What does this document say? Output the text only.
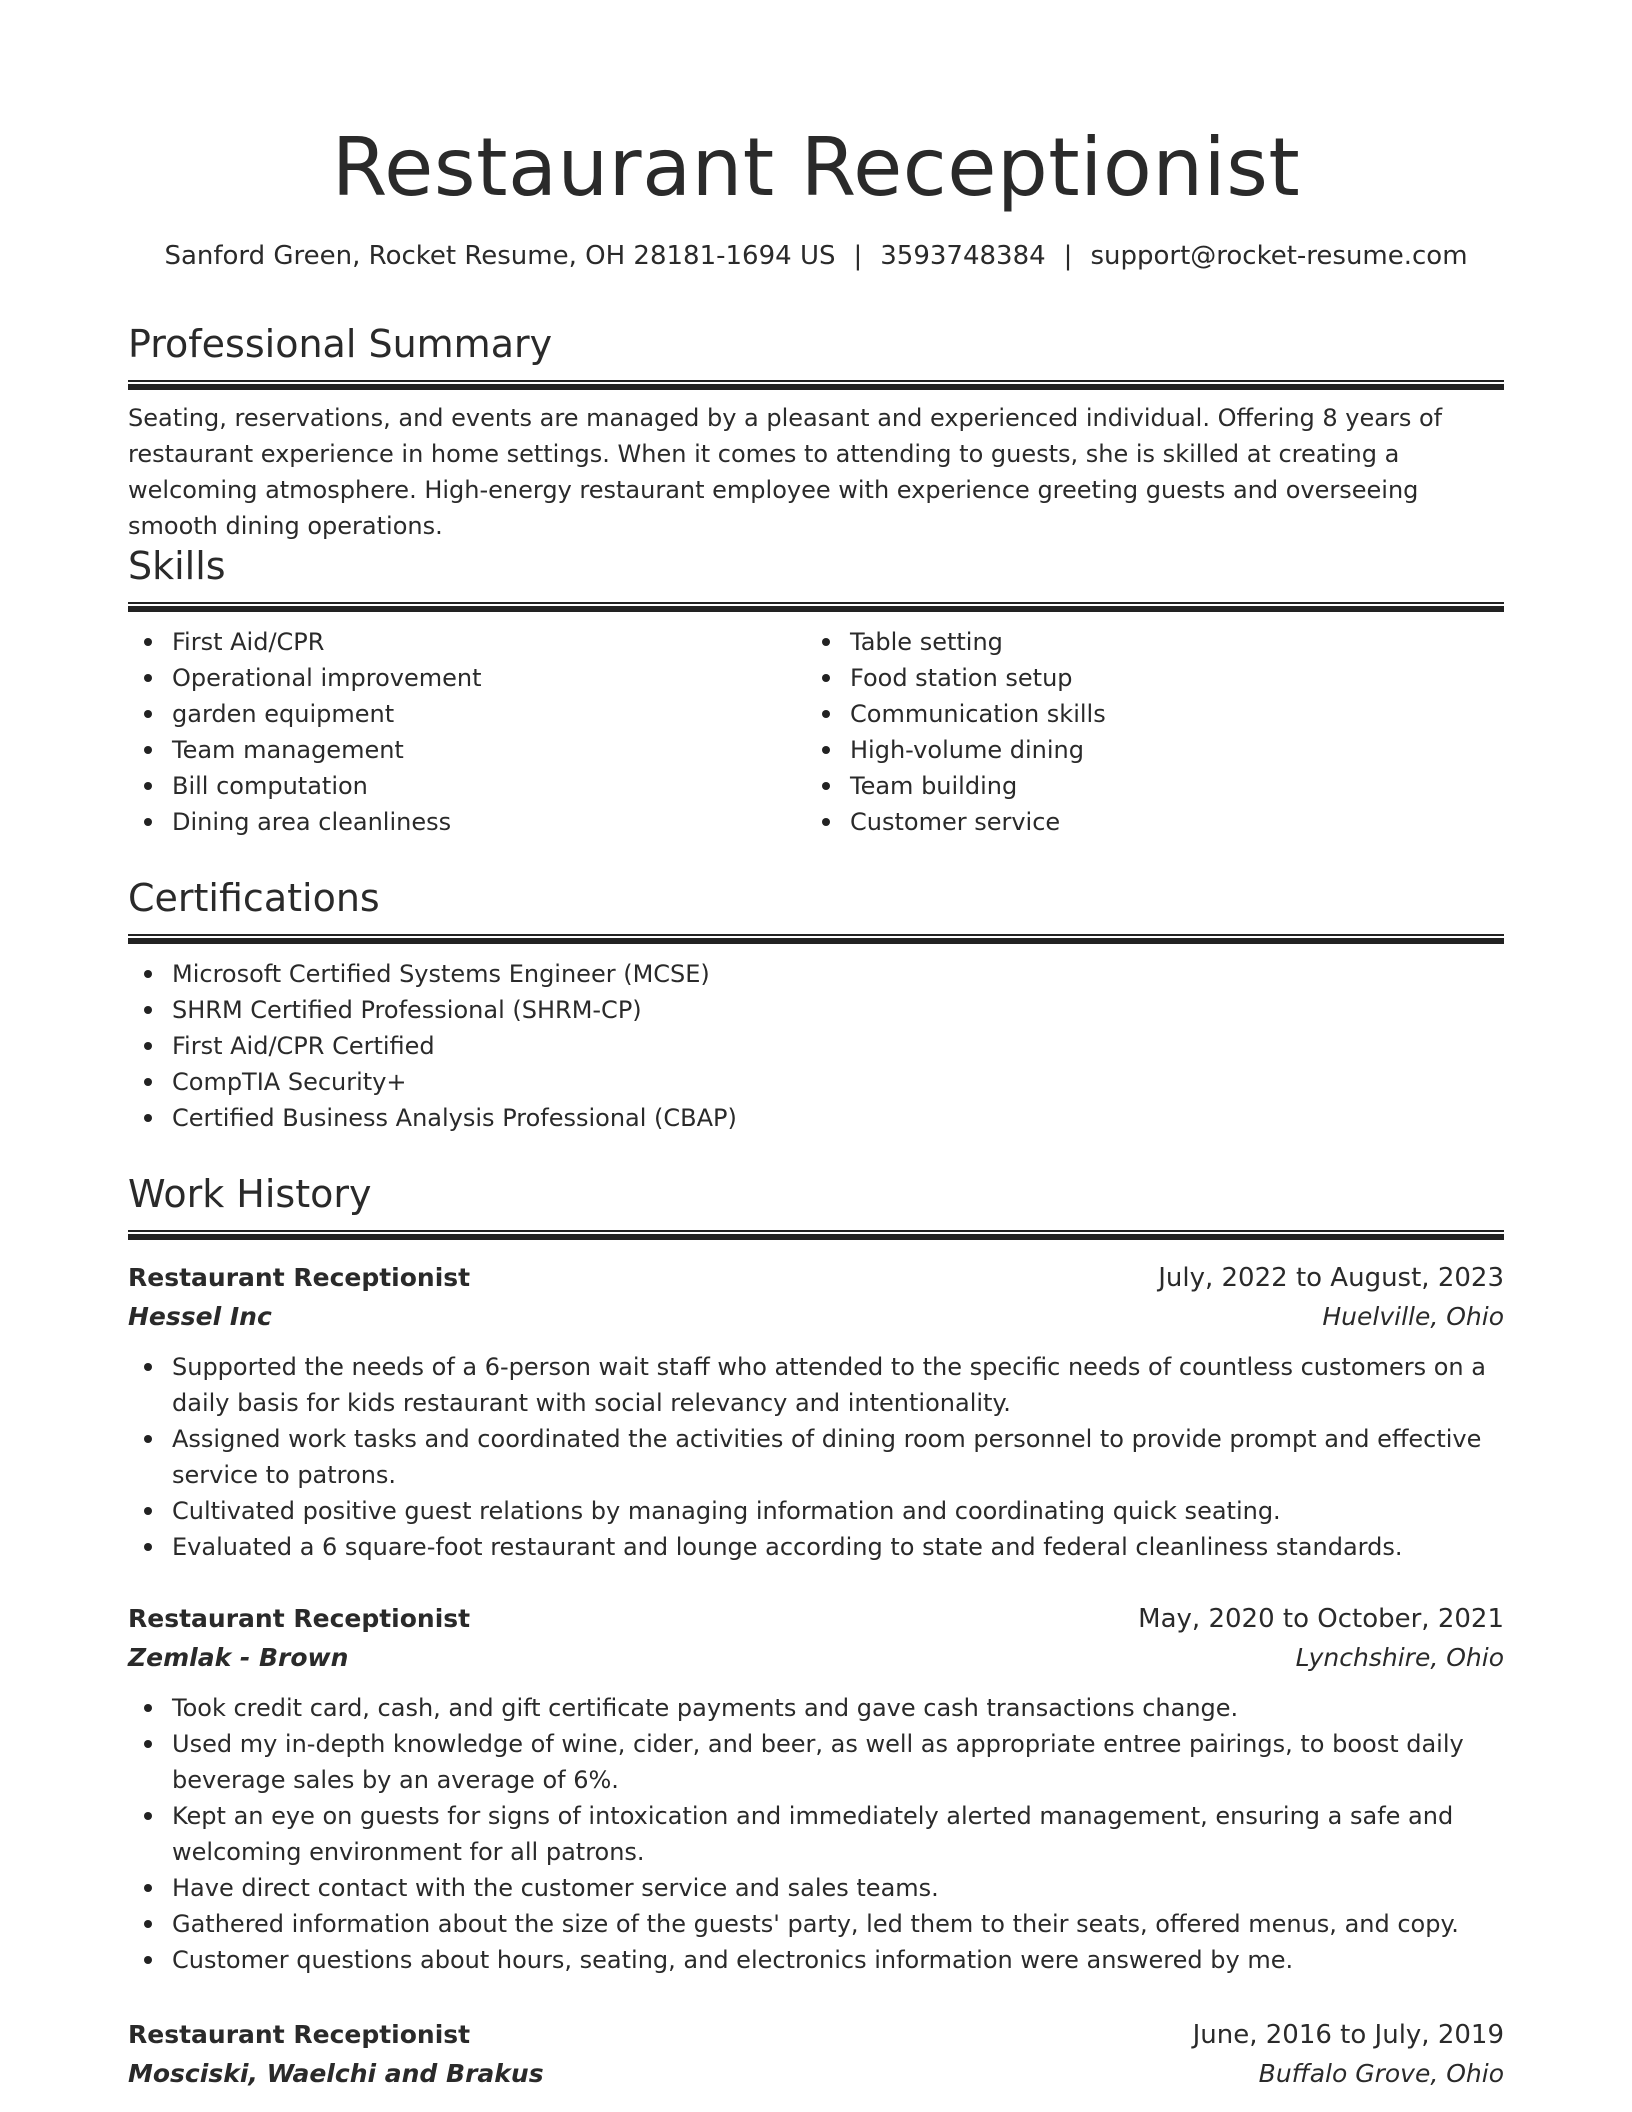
Restaurant Receptionist
Sanford Green, Rocket Resume, OH 28181-1694 US | 3593748384 | support@rocket-resume.com
Professional Summary

Seating, reservations, and events are managed by a pleasant and experienced individual. Offering 8 years of restaurant experience in home settings. When it comes to attending to guests, she is skilled at creating a welcoming atmosphere. High-energy restaurant employee with experience greeting guests and overseeing smooth dining operations.

Skills
First Aid/CPR
Operational improvement
garden equipment
Team management
Bill computation
Dining area cleanliness
Table setting
Food station setup
Communication skills
High-volume dining
Team building
Customer service
Certifications
Microsoft Certified Systems Engineer (MCSE)
SHRM Certified Professional (SHRM-CP)
First Aid/CPR Certified
CompTIA Security+
Certified Business Analysis Professional (CBAP)
Work History
Restaurant Receptionist	July, 2022 to August, 2023
Hessel Inc	Huelville, Ohio
Supported the needs of a 6-person wait staff who attended to the specific needs of countless customers on a daily basis for kids restaurant with social relevancy and intentionality.
Assigned work tasks and coordinated the activities of dining room personnel to provide prompt and effective service to patrons.
Cultivated positive guest relations by managing information and coordinating quick seating.
Evaluated a 6 square-foot restaurant and lounge according to state and federal cleanliness standards.
Restaurant Receptionist	May, 2020 to October, 2021
Zemlak - Brown	Lynchshire, Ohio
Took credit card, cash, and gift certificate payments and gave cash transactions change.
Used my in-depth knowledge of wine, cider, and beer, as well as appropriate entree pairings, to boost daily beverage sales by an average of 6%.
Kept an eye on guests for signs of intoxication and immediately alerted management, ensuring a safe and welcoming environment for all patrons.
Have direct contact with the customer service and sales teams.
Gathered information about the size of the guests' party, led them to their seats, offered menus, and copy.
Customer questions about hours, seating, and electronics information were answered by me.
Restaurant Receptionist	June, 2016 to July, 2019
Mosciski, Waelchi and Brakus	Buffalo Grove, Ohio
